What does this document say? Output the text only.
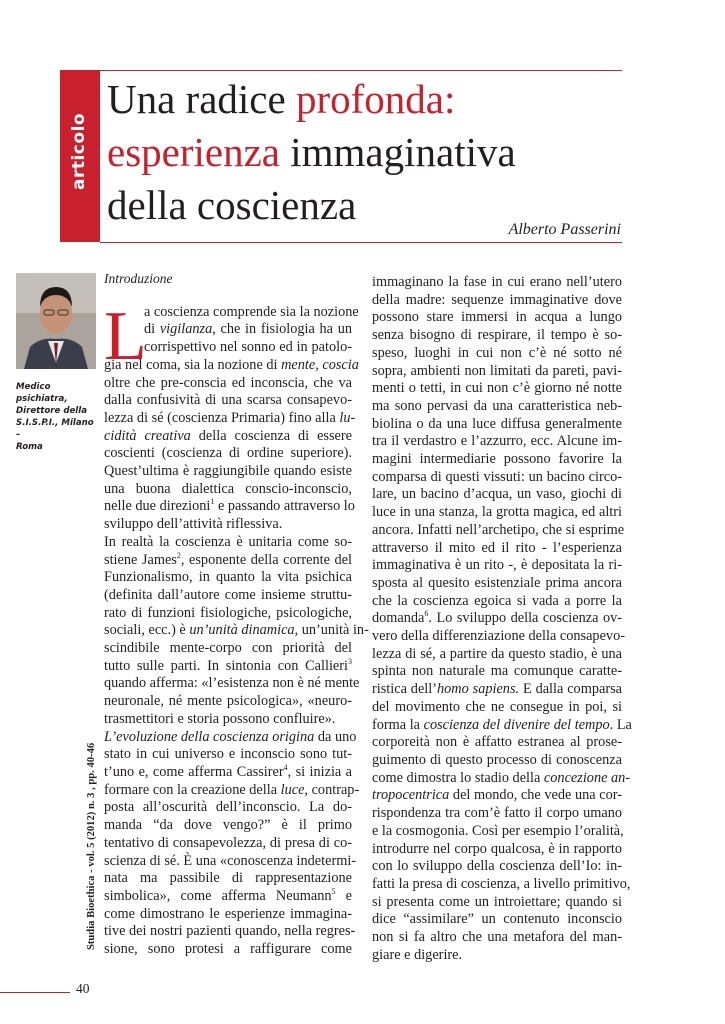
articolo
Una radice profonda:
esperienza immaginativa
della coscienza
Alberto Passerini
Medico psichiatra,
Direttore della
S.I.S.P.I., Milano –
Roma
Studia Bioethica - vol. 5 (2012) n. 3 , pp. 40-46
40
L
Introduzione
a coscienza comprende sia la nozione
di vigilanza, che in fisiologia ha un
corrispettivo nel sonno ed in patolo-
gia nel coma, sia la nozione di mente, coscia
oltre che pre-conscia ed inconscia, che va
dalla confusività di una scarsa consapevo-
lezza di sé (coscienza Primaria) fino alla lu-
cidità creativa della coscienza di essere
coscienti (coscienza di ordine superiore).
Quest’ultima è raggiungibile quando esiste
una buona dialettica conscio-inconscio,
nelle due direzioni$^1$ e passando attraverso lo
sviluppo dell’attività riflessiva.
In realtà la coscienza è unitaria come so-
stiene James$^2$, esponente della corrente del
Funzionalismo, in quanto la vita psichica
(definita dall’autore come insieme struttu-
rato di funzioni fisiologiche, psicologiche,
sociali, ecc.) è un’unità dinamica, un’unità in-
scindibile mente-corpo con priorità del
tutto sulle parti. In sintonia con Callieri$^3$
quando afferma: «l’esistenza non è né mente
neuronale, né mente psicologica», «neuro-
trasmettitori e storia possono confluire».
L’evoluzione della coscienza origina da uno
stato in cui universo e inconscio sono tut-
t’uno e, come afferma Cassirer$^4$, si inizia a
formare con la creazione della luce, contrap-
posta all’oscurità dell’inconscio. La do-
manda “da dove vengo?” è il primo
tentativo di consapevolezza, di presa di co-
scienza di sé. È una «conoscenza indetermi-
nata ma passibile di rappresentazione
simbolica», come afferma Neumann$^5$ e
come dimostrano le esperienze immagina-
tive dei nostri pazienti quando, nella regres-
sione, sono protesi a raffigurare come
immaginano la fase in cui erano nell’utero
della madre: sequenze immaginative dove
possono stare immersi in acqua a lungo
senza bisogno di respirare, il tempo è so-
speso, luoghi in cui non c’è né sotto né
sopra, ambienti non limitati da pareti, pavi-
menti o tetti, in cui non c’è giorno né notte
ma sono pervasi da una caratteristica neb-
biolina o da una luce diffusa generalmente
tra il verdastro e l’azzurro, ecc. Alcune im-
magini intermediarie possono favorire la
comparsa di questi vissuti: un bacino circo-
lare, un bacino d’acqua, un vaso, giochi di
luce in una stanza, la grotta magica, ed altri
ancora. Infatti nell’archetipo, che si esprime
attraverso il mito ed il rito - l’esperienza
immaginativa è un rito -, è depositata la ri-
sposta al quesito esistenziale prima ancora
che la coscienza egoica si vada a porre la
domanda$^6$. Lo sviluppo della coscienza ov-
vero della differenziazione della consapevo-
lezza di sé, a partire da questo stadio, è una
spinta non naturale ma comunque caratte-
ristica dell’homo sapiens. E dalla comparsa
del movimento che ne consegue in poi, si
forma la coscienza del divenire del tempo. La
corporeità non è affatto estranea al prose-
guimento di questo processo di conoscenza
come dimostra lo stadio della concezione an-
tropocentrica del mondo, che vede una cor-
rispondenza tra com’è fatto il corpo umano
e la cosmogonia. Così per esempio l’oralità,
introdurre nel corpo qualcosa, è in rapporto
con lo sviluppo della coscienza dell’Io: in-
fatti la presa di coscienza, a livello primitivo,
si presenta come un introiettare; quando si
dice “assimilare” un contenuto inconscio
non si fa altro che una metafora del man-
giare e digerire.
